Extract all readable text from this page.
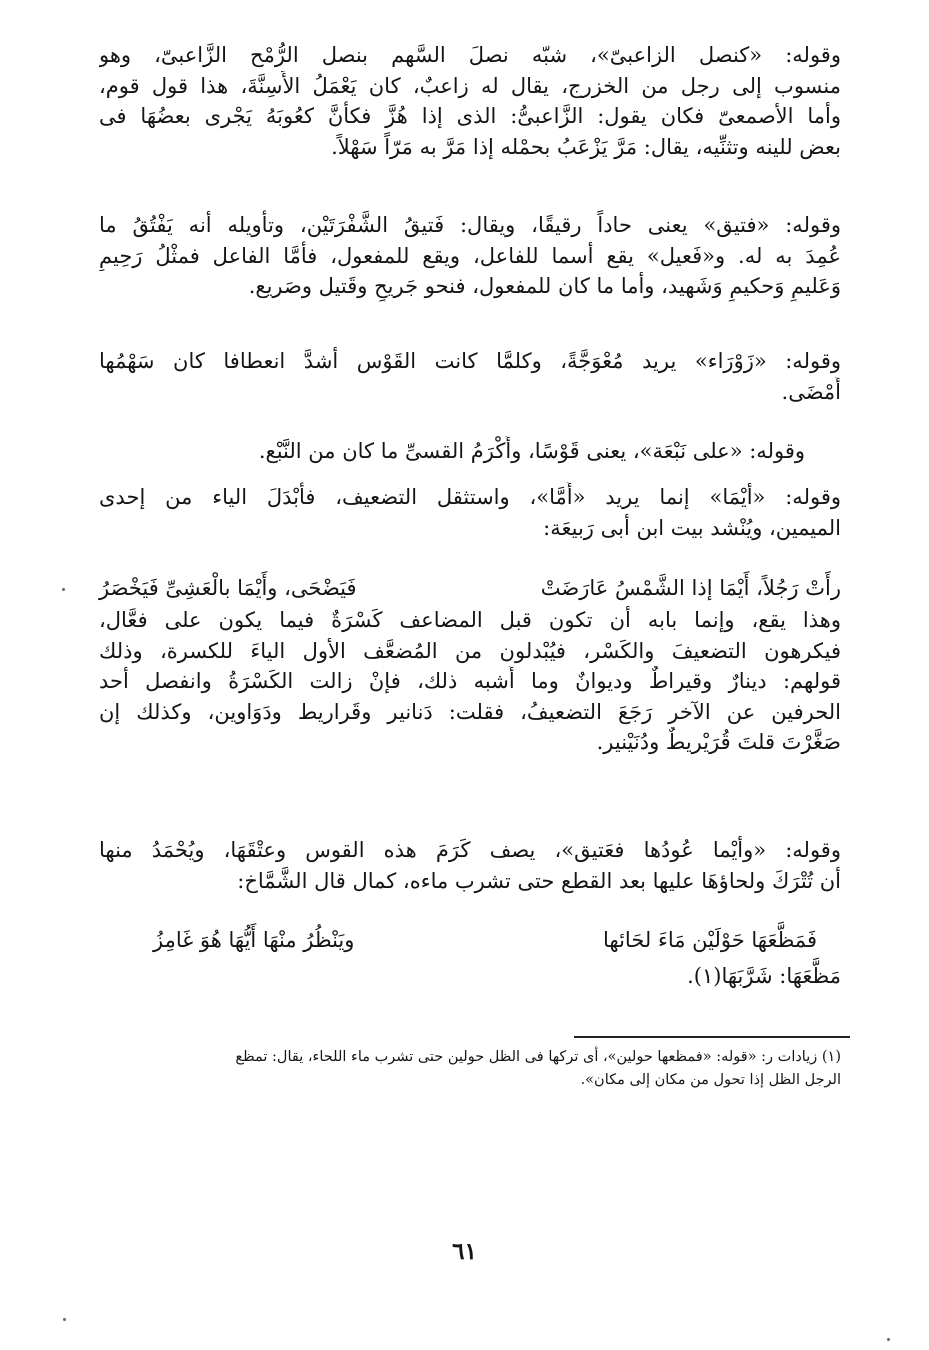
وقوله: «كنصل الزاعبىّ»، شبّه نصلَ السَّهم بنصل الرُّمْح الزَّاعبىّ، وهو
منسوب إلى رجل من الخزرج، يقال له زاعبٌ، كان يَعْمَلُ الأَسِنَّةَ، هذا قول قوم،
وأما الأصمعىّ فكان يقول: الزَّاعبىُّ: الذى إذا هُزَّ فكأنَّ كعُوبَهُ يَجْرى بعضُهَا فى
بعض للينه وتثنِّيه، يقال: مَرَّ يَزْعَبُ بحمْله إذا مَرَّ به مَرّاً سَهْلاً.
وقوله: «فتيق» يعنى حاداً رقيقًا، ويقال: فَتيقُ الشَّفْرَتَيْن، وتأويله أنه يَفْتُقُ ما
عُمِدَ به له. و«فَعيل» يقع أسما للفاعل، ويقع للمفعول، فأمَّا الفاعل فمثْلُ رَحِيمٍ
وَعَليمٍ وَحكيمٍ وَشَهيد، وأما ما كان للمفعول، فنحو جَريحٍ وقَتيل وصَريع.
وقوله: «زَوْرَاء» يريد مُعْوَجَّةً، وكلمَّا كانت القَوْس أشدَّ انعطافا كان سَهْمُها
أَمْضَى.
وقوله: «على نَبْعَة»، يعنى قَوْسًا، وأَكْرَمُ القسىِّ ما كان من النَّبْع.
وقوله: «أيْمَا» إنما يريد «أَمَّا»، واستثقل التضعيف، فأبْدَلَ الياء من إحدى
الميمين، ويُنْشد بيت ابن أبى رَبيعَة:
رأَتْ رَجُلاً، أَيْمَا إذا الشَّمْسُ عَارَضَتْ
فَيَضْحَى، وأَيْمَا بالْعَشِىِّ فَيَخْصَرُ
وهذا يقع، وإنما بابه أن تكون قبل المضاعف كَسْرَةٌ فيما يكون على فعَّال،
فيكرهون التضعيفَ والكَسْر، فيُبْدلون من المُضعَّف الأول الياءَ للكسرة، وذلك
قولهم: دينارٌ وقيراطٌ وديوانٌ وما أَشبه ذلك، فإنْ زالت الكَسْرَةُ وانفصل أحد
الحرفين عن الآخر رَجَعَ التضعيفُ، فقلت: دَنانير وقَراريط ودَوَاوين، وكذلك إن
صَغَّرْتَ قلتَ قُرَيْريطٌ ودُنَيْنير.
وقوله: «وأيْما عُودُها فعَتيق»، يصف كَرَمَ هذه القوس وعتْقَهَا، ويُحْمَدُ منها
أن تُتْرَكَ ولحاؤهَا عليها بعد القطع حتى تشرب ماءه، كمال قال الشَّمَّاخ:
فَمَظَّعَهَا حَوْلَيْن مَاءَ لحَائها
ويَنْظُرُ منْهَا أَيُّهَا هُوَ غَامِزُ
مَظَّعَهَا: شَرَّبَهَا(١).
(١) زيادات ر: «قوله: «فمظعها حولين»، أى تركها فى الظل حولين حتى تشرب ماء اللحاء، يقال: تمظع
الرجل الظل إذا تحول من مكان إلى مكان».
٦١
